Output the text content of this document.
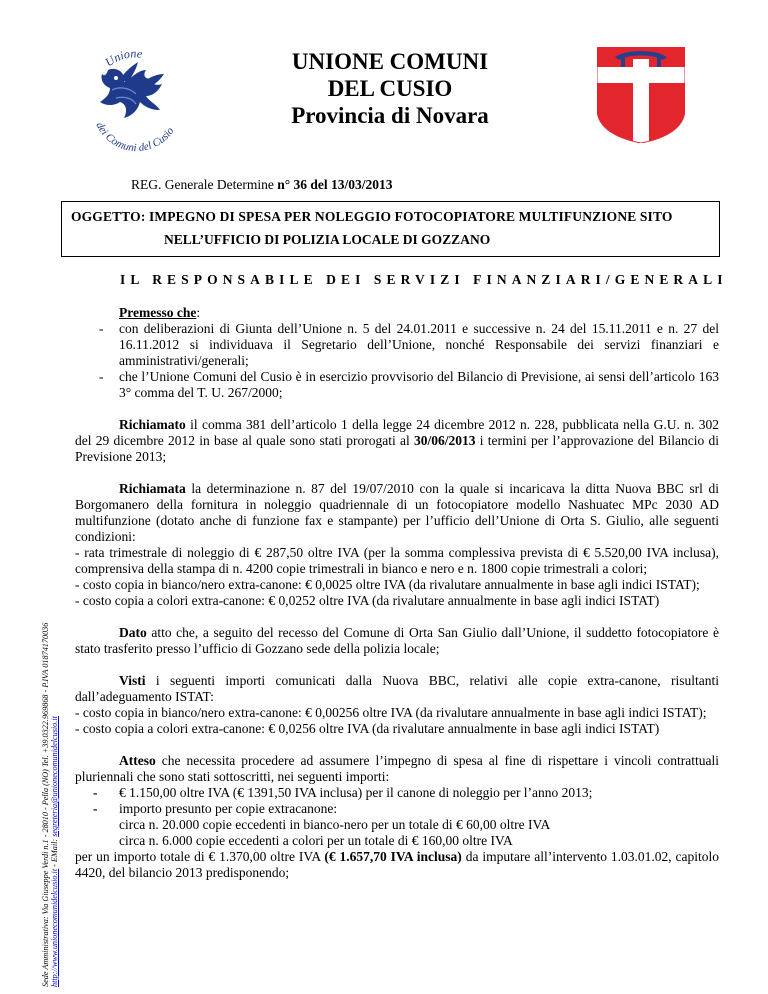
Unione
dei Comuni del Cusio
UNIONE COMUNI
DEL CUSIO
Provincia di Novara
Sede Amministrativa: Via Giuseppe Verdi n.1 - 28010 - Pella (NO) Tel. +39.0322.969868 - P.IVA 01874170036 http://www.unionecomunidelcusio.it - EMail: segreteria@unionecomunidelcusio.it
REG. Generale Determine n° 36 del 13/03/2013
OGGETTO: IMPEGNO DI SPESA PER NOLEGGIO FOTOCOPIATORE MULTIFUNZIONE SITO
NELL’UFFICIO DI POLIZIA LOCALE DI GOZZANO
IL RESPONSABILE DEI SERVIZI FINANZIARI/GENERALI

Premesso che:

- con deliberazioni di Giunta dell’Unione n. 5 del 24.01.2011 e successive n. 24 del 15.11.2011 e n. 27 del 16.11.2012 si individuava il Segretario dell’Unione, nonché Responsabile dei servizi finanziari e amministrativi/generali;

- che l’Unione Comuni del Cusio è in esercizio provvisorio del Bilancio di Previsione, ai sensi dell’articolo 163 3° comma del T. U. 267/2000;

Richiamato il comma 381 dell’articolo 1 della legge 24 dicembre 2012 n. 228, pubblicata nella G.U. n. 302 del 29 dicembre 2012 in base al quale sono stati prorogati al 30/06/2013 i termini per l’approvazione del Bilancio di Previsione 2013;

Richiamata la determinazione n. 87 del 19/07/2010 con la quale si incaricava la ditta Nuova BBC srl di Borgomanero della fornitura in noleggio quadriennale di un fotocopiatore modello Nashuatec MPc 2030 AD multifunzione (dotato anche di funzione fax e stampante) per l’ufficio dell’Unione di Orta S. Giulio, alle seguenti condizioni:

- rata trimestrale di noleggio di € 287,50 oltre IVA (per la somma complessiva prevista di € 5.520,00 IVA inclusa), comprensiva della stampa di n. 4200 copie trimestrali in bianco e nero e n. 1800 copie trimestrali a colori;

- costo copia in bianco/nero extra-canone: € 0,0025 oltre IVA (da rivalutare annualmente in base agli indici ISTAT);

- costo copia a colori extra-canone: € 0,0252 oltre IVA (da rivalutare annualmente in base agli indici ISTAT)

Dato atto che, a seguito del recesso del Comune di Orta San Giulio dall’Unione, il suddetto fotocopiatore è stato trasferito presso l’ufficio di Gozzano sede della polizia locale;

Visti i seguenti importi comunicati dalla Nuova BBC, relativi alle copie extra-canone, risultanti dall’adeguamento ISTAT:

- costo copia in bianco/nero extra-canone: € 0,00256 oltre IVA (da rivalutare annualmente in base agli indici ISTAT);

- costo copia a colori extra-canone: € 0,0256 oltre IVA (da rivalutare annualmente in base agli indici ISTAT)

Atteso che necessita procedere ad assumere l’impegno di spesa al fine di rispettare i vincoli contrattuali pluriennali che sono stati sottoscritti, nei seguenti importi:

- € 1.150,00 oltre IVA (€ 1391,50 IVA inclusa) per il canone di noleggio per l’anno 2013;

- importo presunto per copie extracanone:

circa n. 20.000 copie eccedenti in bianco-nero per un totale di € 60,00 oltre IVA

circa n. 6.000 copie eccedenti a colori per un totale di € 160,00 oltre IVA

per un importo totale di € 1.370,00 oltre IVA (€ 1.657,70 IVA inclusa) da imputare all’intervento 1.03.01.02, capitolo 4420, del bilancio 2013 predisponendo;
